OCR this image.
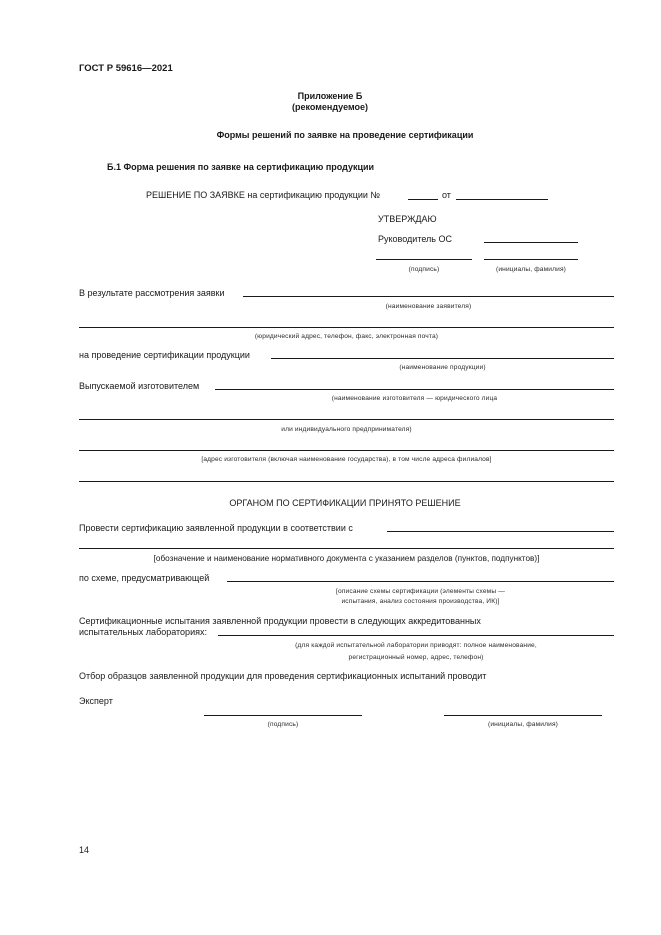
ГОСТ Р 59616—2021
Приложение Б
(рекомендуемое)
Формы решений по заявке на проведение сертификации
Б.1 Форма решения по заявке на сертификацию продукции
РЕШЕНИЕ ПО ЗАЯВКЕ на сертификацию продукции №	от
УТВЕРЖДАЮ
Руководитель ОС
(подпись)	(инициалы, фамилия)
В результате рассмотрения заявки
(наименование заявителя)
(юридический адрес, телефон, факс, электронная почта)
на проведение сертификации продукции
(наименование продукции)
Выпускаемой изготовителем
(наименование изготовителя — юридического лица
или индивидуального предпринимателя)
[адрес изготовителя (включая наименование государства), в том числе адреса филиалов]
ОРГАНОМ ПО СЕРТИФИКАЦИИ ПРИНЯТО РЕШЕНИЕ
Провести сертификацию заявленной продукции в соответствии с
[обозначение и наименование нормативного документа с указанием разделов (пунктов, подпунктов)]
по схеме, предусматривающей
[описание схемы сертификации (элементы схемы —
испытания, анализ состояния производства, ИК)]
Сертификационные испытания заявленной продукции провести в следующих аккредитованных
испытательных лабораториях:
(для каждой испытательной лаборатории приводят: полное наименование,
регистрационный номер, адрес, телефон)
Отбор образцов заявленной продукции для проведения сертификационных испытаний проводит
Эксперт
(подпись)	(инициалы, фамилия)
14
